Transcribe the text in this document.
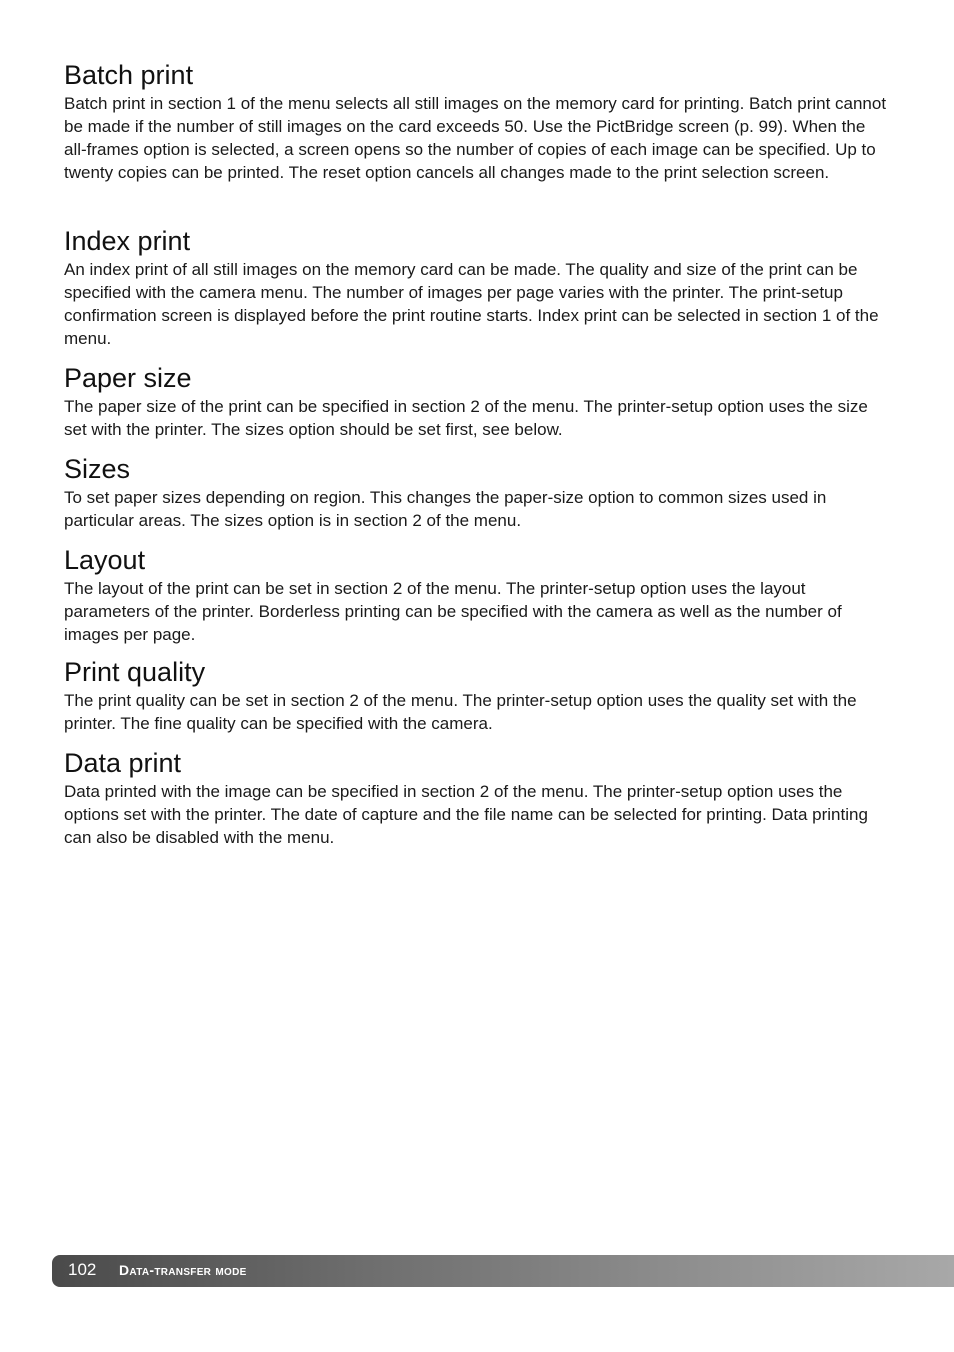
Batch print

Batch print in section 1 of the menu selects all still images on the memory card for printing. Batch print cannot be made if the number of still images on the card exceeds 50. Use the PictBridge screen (p. 99). When the all-frames option is selected, a screen opens so the number of copies of each image can be specified. Up to twenty copies can be printed. The reset option cancels all changes made to the print selection screen.

Index print

An index print of all still images on the memory card can be made. The quality and size of the print can be specified with the camera menu. The number of images per page varies with the printer. The print-setup confirmation screen is displayed before the print routine starts. Index print can be selected in section 1 of the menu.

Paper size

The paper size of the print can be specified in section 2 of the menu. The printer-setup option uses the size set with the printer. The sizes option should be set first, see below.

Sizes

To set paper sizes depending on region. This changes the paper-size option to common sizes used in particular areas. The sizes option is in section 2 of the menu.

Layout

The layout of the print can be set in section 2 of the menu. The printer-setup option uses the layout parameters of the printer. Borderless printing can be specified with the camera as well as the number of images per page.

Print quality

The print quality can be set in section 2 of the menu. The printer-setup option uses the quality set with the printer. The fine quality can be specified with the camera.

Data print

Data printed with the image can be specified in section 2 of the menu. The printer-setup option uses the options set with the printer. The date of capture and the file name can be selected for printing. Data printing can also be disabled with the menu.

102 Data-transfer mode
